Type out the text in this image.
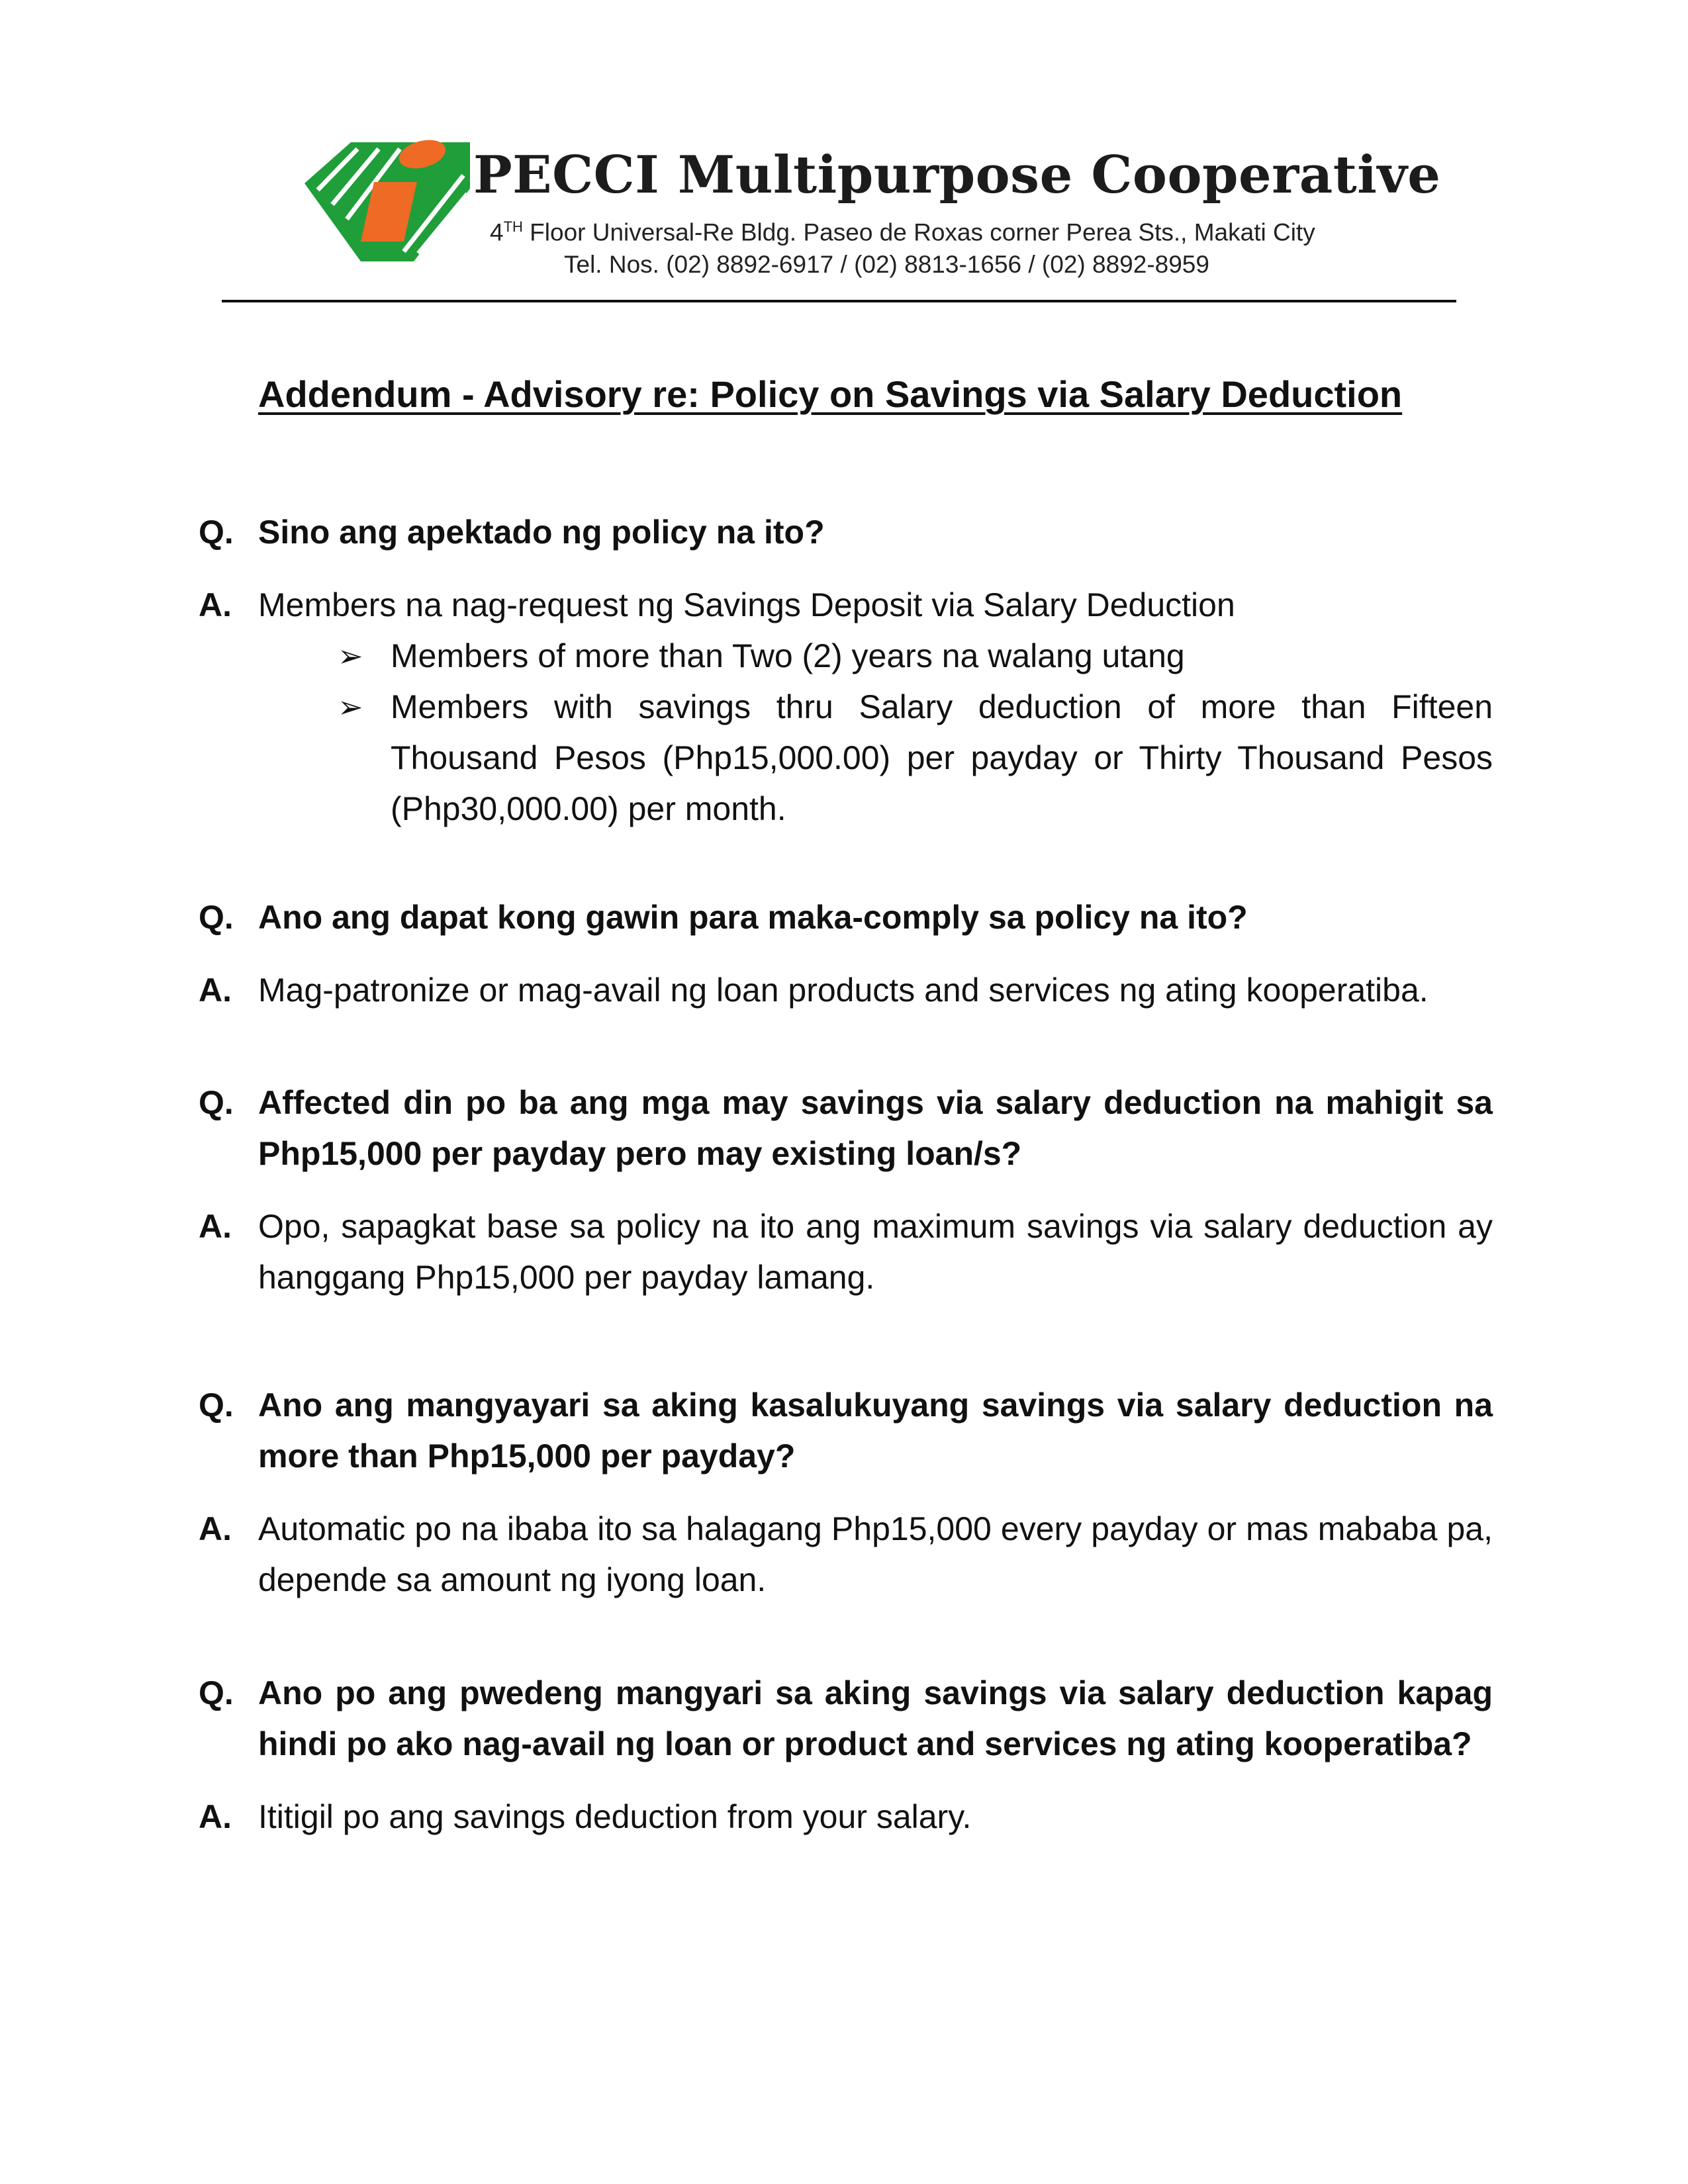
PECCI Multipurpose Cooperative
4TH Floor Universal-Re Bldg. Paseo de Roxas corner Perea Sts., Makati City
Tel. Nos. (02) 8892-6917 / (02) 8813-1656 / (02) 8892-8959
Addendum - Advisory re: Policy on Savings via Salary Deduction
Q. Sino ang apektado ng policy na ito?
A. Members na nag-request ng Savings Deposit via Salary Deduction
➢ Members of more than Two (2) years na walang utang
➢ Members with savings thru Salary deduction of more than Fifteen Thousand Pesos (Php15,000.00) per payday or Thirty Thousand Pesos (Php30,000.00) per month.
Q. Ano ang dapat kong gawin para maka-comply sa policy na ito?
A. Mag-patronize or mag-avail ng loan products and services ng ating kooperatiba.
Q. Affected din po ba ang mga may savings via salary deduction na mahigit sa Php15,000 per payday pero may existing loan/s?
A. Opo, sapagkat base sa policy na ito ang maximum savings via salary deduction ay hanggang Php15,000 per payday lamang.
Q. Ano ang mangyayari sa aking kasalukuyang savings via salary deduction na more than Php15,000 per payday?
A. Automatic po na ibaba ito sa halagang Php15,000 every payday or mas mababa pa, depende sa amount ng iyong loan.
Q. Ano po ang pwedeng mangyari sa aking savings via salary deduction kapag hindi po ako nag-avail ng loan or product and services ng ating kooperatiba?
A. Ititigil po ang savings deduction from your salary.
